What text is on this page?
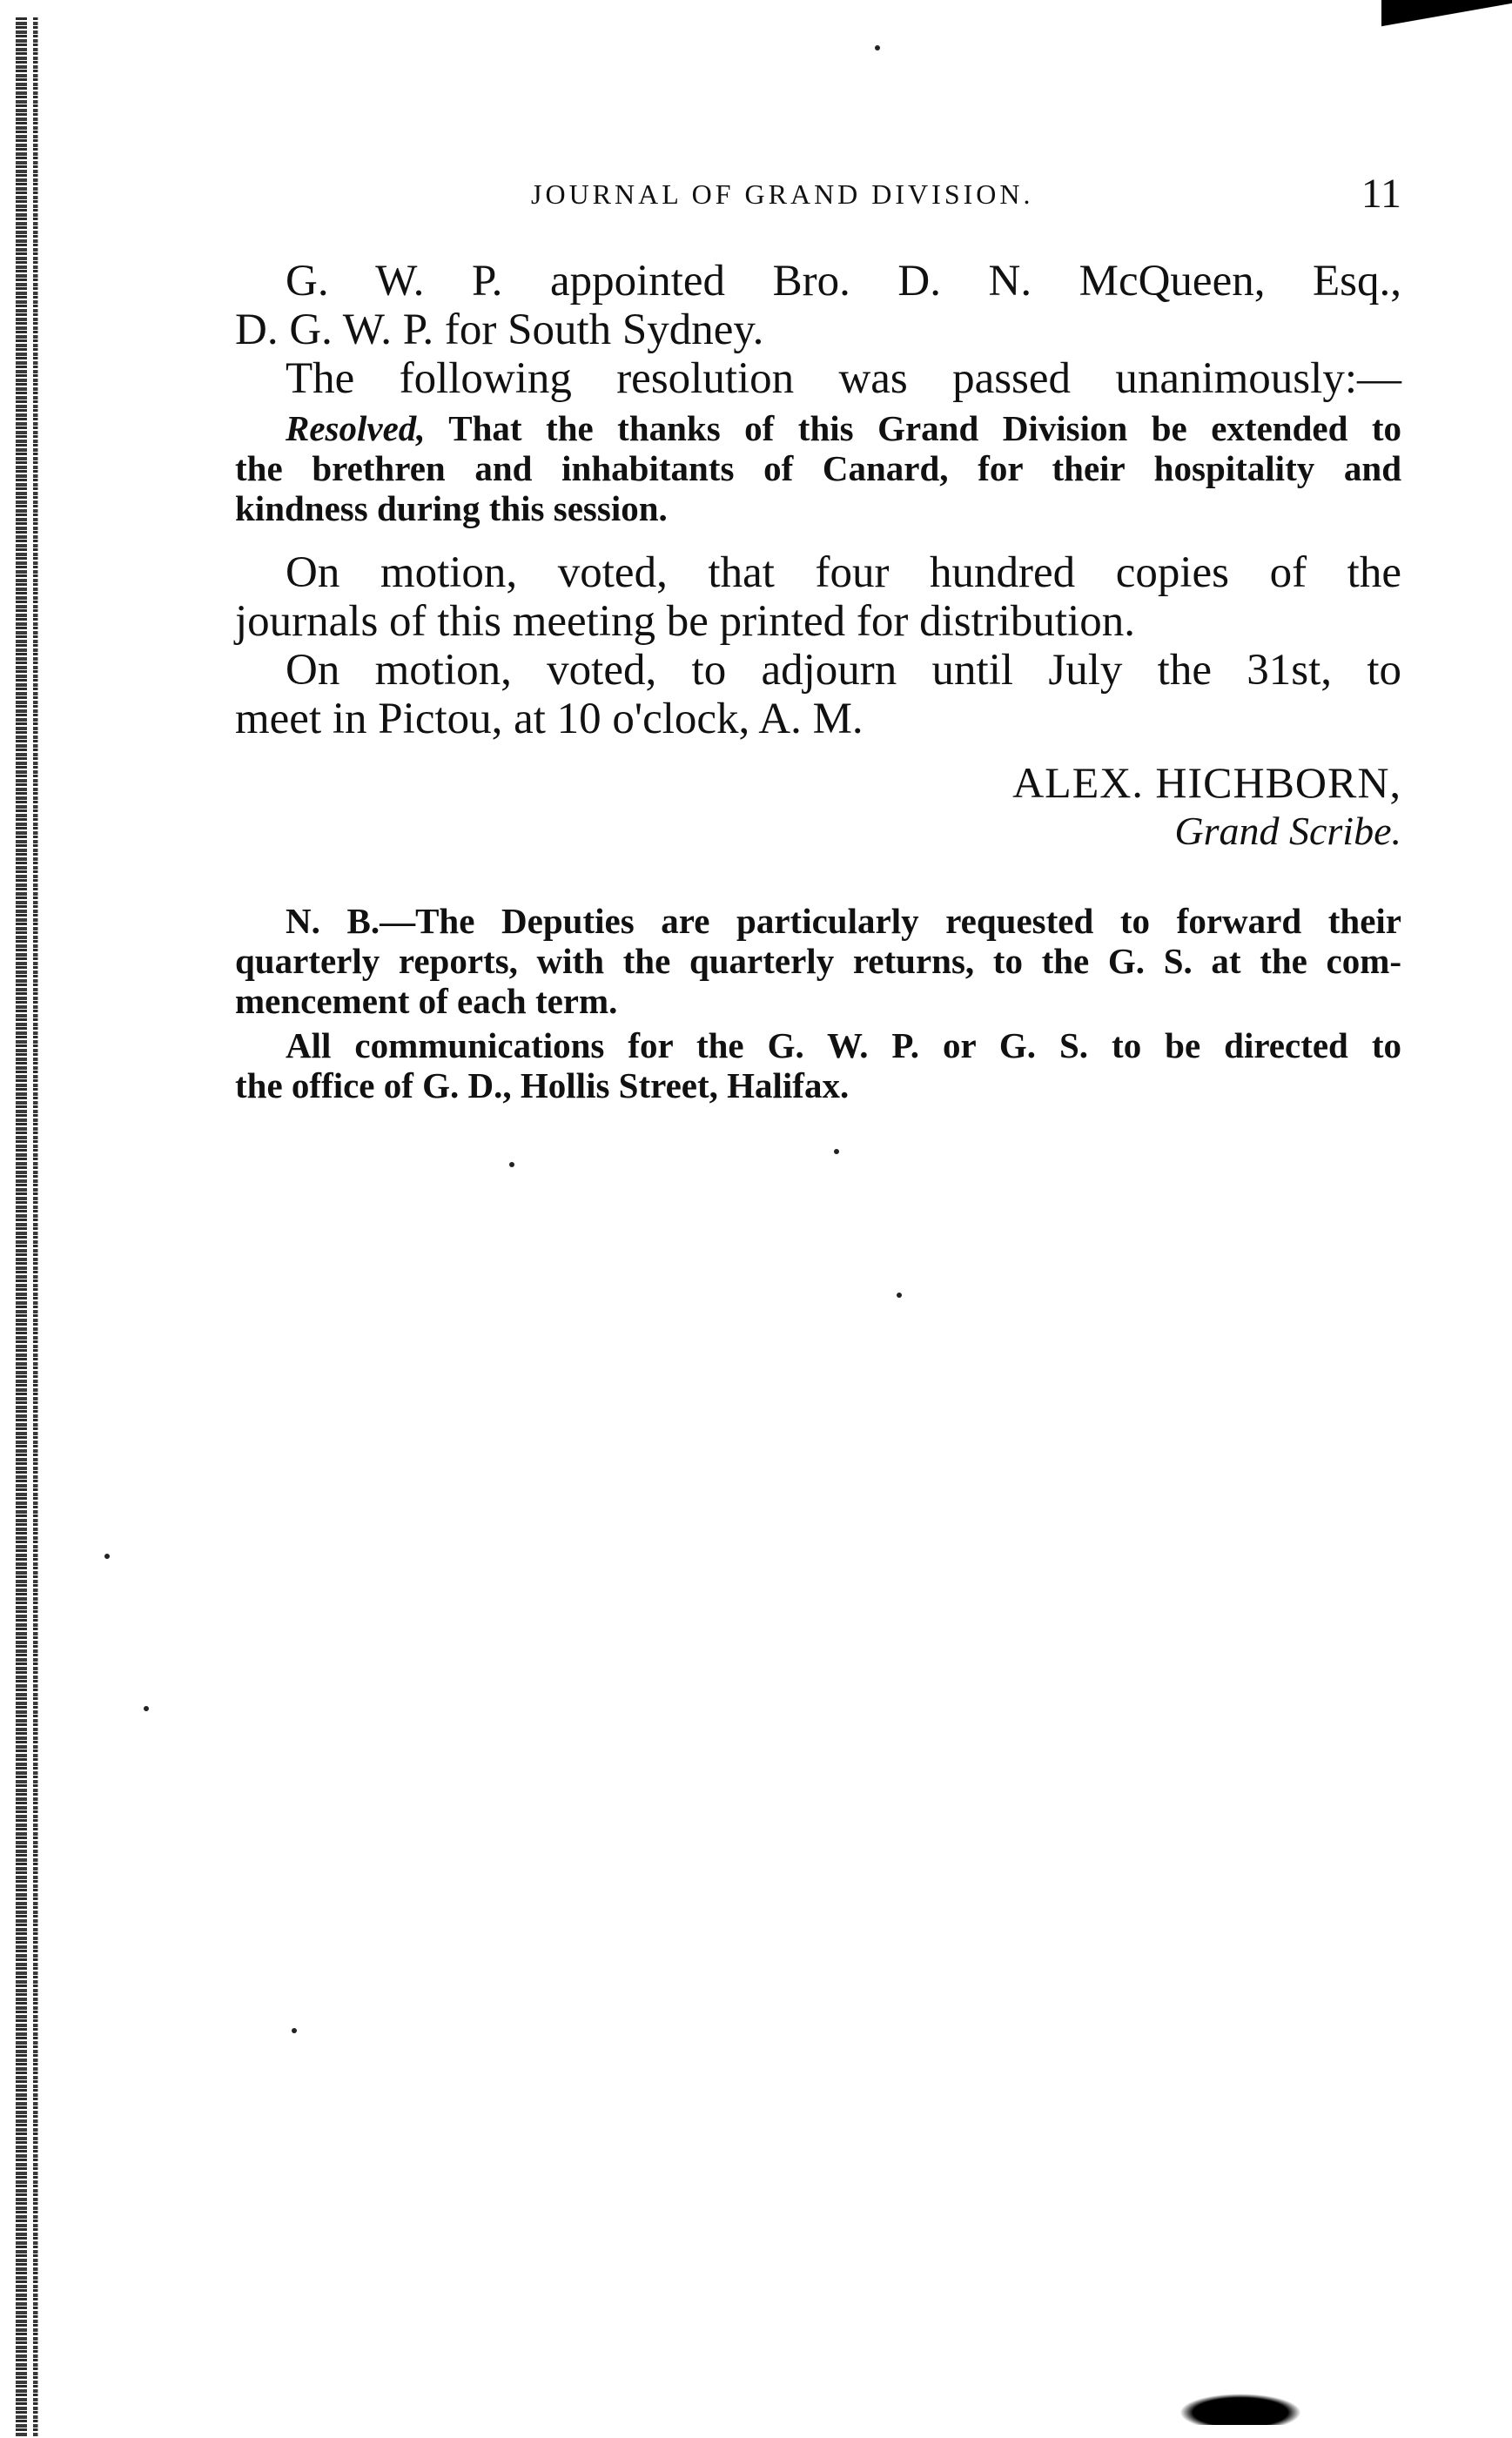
JOURNAL OF GRAND DIVISION.	11

G. W. P. appointed Bro. D. N. McQueen, Esq.,

D. G. W. P. for South Sydney.

The following resolution was passed unanimously:—

Resolved, That the thanks of this Grand Division be extended to

the brethren and inhabitants of Canard, for their hospitality and

kindness during this session.

On motion, voted, that four hundred copies of the

journals of this meeting be printed for distribution.

On motion, voted, to adjourn until July the 31st, to

meet in Pictou, at 10 o'clock, A. M.

ALEX. HICHBORN,
Grand Scribe.

N. B.—The Deputies are particularly requested to forward their

quarterly reports, with the quarterly returns, to the G. S. at the com-

mencement of each term.

All communications for the G. W. P. or G. S. to be directed to

the office of G. D., Hollis Street, Halifax.
